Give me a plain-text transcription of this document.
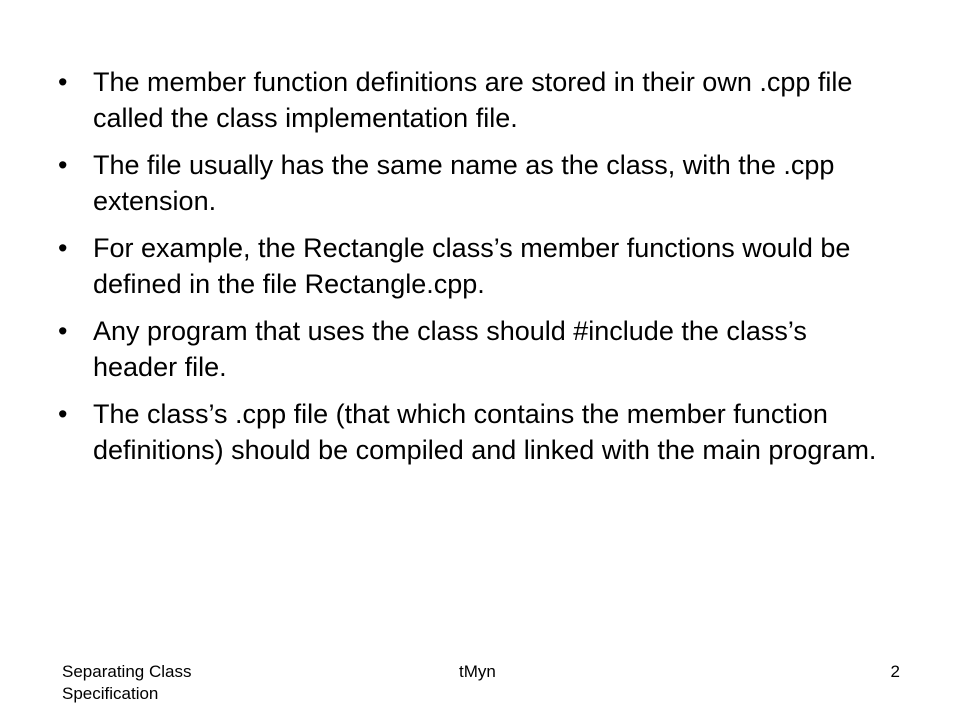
• The member function definitions are stored in their own .cpp file called the class implementation file.
• The file usually has the same name as the class, with the .cpp extension.
• For example, the Rectangle class’s member functions would be defined in the file Rectangle.cpp.
• Any program that uses the class should #include the class’s header file.
• The class’s .cpp file (that which contains the member function definitions) should be compiled and linked with the main program.
Separating Class Specification
tMyn	2
